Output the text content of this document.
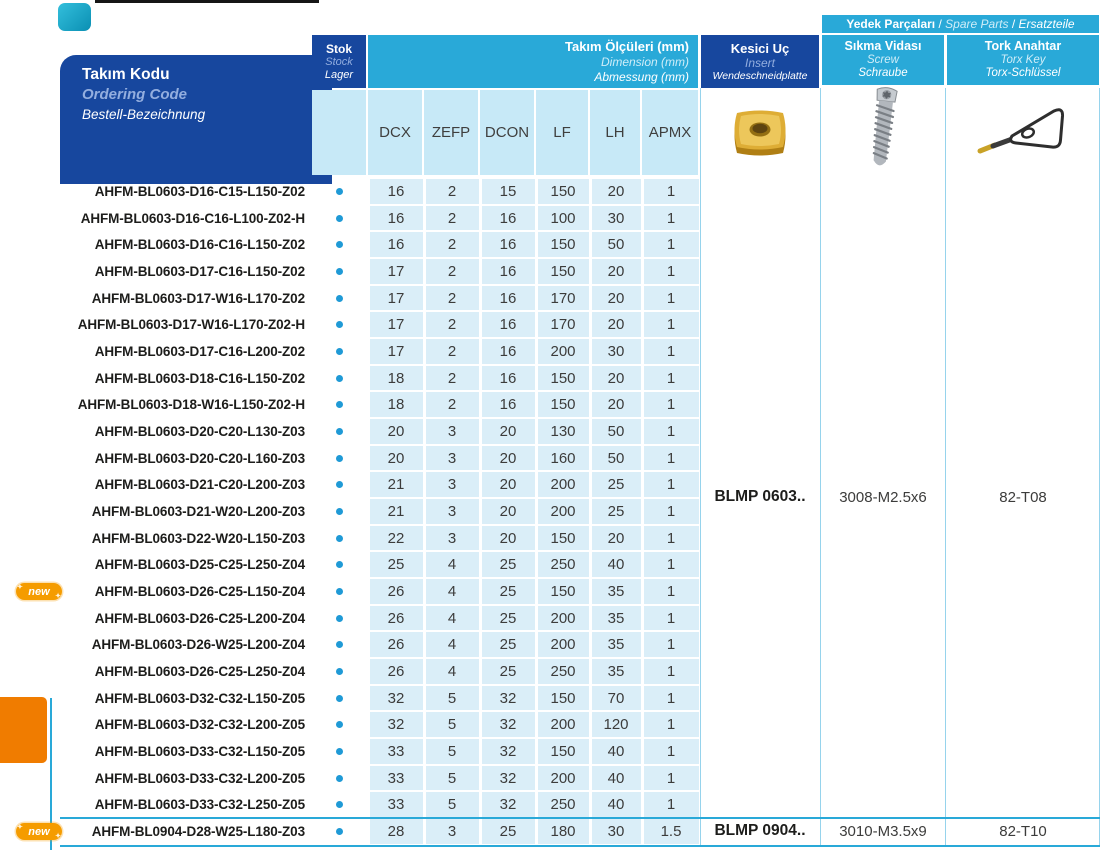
Takım Kodu
Ordering Code
Bestell-Bezeichnung
Stok
Stock
Lager
Takım Ölçüleri (mm)
Dimension (mm)
Abmessung (mm)
DCX	ZEFP DCON	LF	LH	APMX
Kesici Uç
Insert
Wendeschneidplatte
Yedek Parçaları / Spare Parts / Ersatzteile
Sıkma Vidası
Screw
Schraube
Tork Anahtar
Torx Key
Torx-Schlüssel
AHFM-BL0603-D16-C15-L150-Z02	16	2	15	150	20	1
AHFM-BL0603-D16-C16-L100-Z02-H	16	2	16	100	30	1
AHFM-BL0603-D16-C16-L150-Z02	16	2	16	150	50	1
AHFM-BL0603-D17-C16-L150-Z02	17	2	16	150	20	1
AHFM-BL0603-D17-W16-L170-Z02	17	2	16	170	20	1
AHFM-BL0603-D17-W16-L170-Z02-H	17	2	16	170	20	1
AHFM-BL0603-D17-C16-L200-Z02	17	2	16	200	30	1
AHFM-BL0603-D18-C16-L150-Z02	18	2	16	150	20	1
AHFM-BL0603-D18-W16-L150-Z02-H	18	2	16	150	20	1
AHFM-BL0603-D20-C20-L130-Z03	20	3	20	130	50	1
AHFM-BL0603-D20-C20-L160-Z03	20	3	20	160	50	1
AHFM-BL0603-D21-C20-L200-Z03	21	3	20	200	25	1
AHFM-BL0603-D21-W20-L200-Z03	21	3	20	200	25	1
AHFM-BL0603-D22-W20-L150-Z03	22	3	20	150	20	1
AHFM-BL0603-D25-C25-L250-Z04	25	4	25	250	40	1
AHFM-BL0603-D26-C25-L150-Z04	26	4	25	150	35	1
AHFM-BL0603-D26-C25-L200-Z04	26	4	25	200	35	1
AHFM-BL0603-D26-W25-L200-Z04	26	4	25	200	35	1
AHFM-BL0603-D26-C25-L250-Z04	26	4	25	250	35	1
AHFM-BL0603-D32-C32-L150-Z05	32	5	32	150	70	1
AHFM-BL0603-D32-C32-L200-Z05	32	5	32	200	120	1
AHFM-BL0603-D33-C32-L150-Z05	33	5	32	150	40	1
AHFM-BL0603-D33-C32-L200-Z05	33	5	32	200	40	1
AHFM-BL0603-D33-C32-L250-Z05	33	5	32	250	40	1
AHFM-BL0904-D28-W25-L180-Z03	28	3	25	180	30	1.5
BLMP 0603..	3008-M2.5x6	82-T08
BLMP 0904..	3010-M3.5x9	82-T10
✦ new ✦
✦ new ✦
